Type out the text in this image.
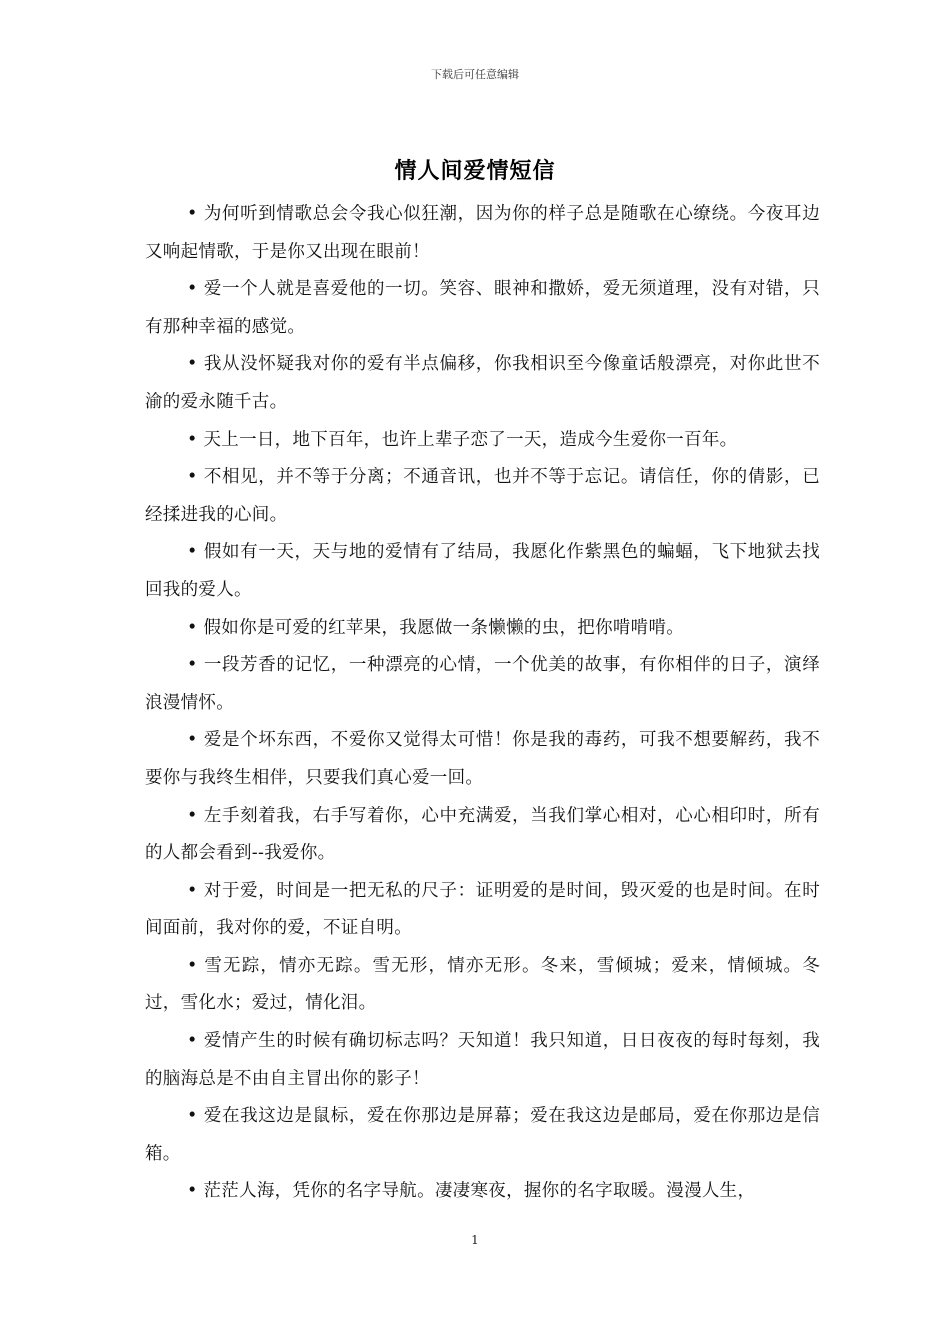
下载后可任意编辑
情人间爱情短信

• 为何听到情歌总会令我心似狂潮，因为你的样子总是随歌在心缭绕。今夜耳边又响起情歌，于是你又出现在眼前！

• 爱一个人就是喜爱他的一切。笑容、眼神和撒娇，爱无须道理，没有对错，只有那种幸福的感觉。

• 我从没怀疑我对你的爱有半点偏移，你我相识至今像童话般漂亮，对你此世不渝的爱永随千古。

• 天上一日，地下百年，也许上辈子恋了一天，造成今生爱你一百年。

• 不相见，并不等于分离；不通音讯，也并不等于忘记。请信任，你的倩影，已经揉进我的心间。

• 假如有一天，天与地的爱情有了结局，我愿化作紫黑色的蝙蝠，飞下地狱去找回我的爱人。

• 假如你是可爱的红苹果，我愿做一条懒懒的虫，把你啃啃啃。

• 一段芳香的记忆，一种漂亮的心情，一个优美的故事，有你相伴的日子，演绎浪漫情怀。

• 爱是个坏东西，不爱你又觉得太可惜！你是我的毒药，可我不想要解药，我不要你与我终生相伴，只要我们真心爱一回。

• 左手刻着我，右手写着你，心中充满爱，当我们掌心相对，心心相印时，所有的人都会看到--我爱你。

• 对于爱，时间是一把无私的尺子：证明爱的是时间，毁灭爱的也是时间。在时间面前，我对你的爱，不证自明。

• 雪无踪，情亦无踪。雪无形，情亦无形。冬来，雪倾城；爱来，情倾城。冬过，雪化水；爱过，情化泪。

• 爱情产生的时候有确切标志吗？天知道！我只知道，日日夜夜的每时每刻，我的脑海总是不由自主冒出你的影子！

• 爱在我这边是鼠标，爱在你那边是屏幕；爱在我这边是邮局，爱在你那边是信箱。

• 茫茫人海，凭你的名字导航。凄凄寒夜，握你的名字取暖。漫漫人生，

1
